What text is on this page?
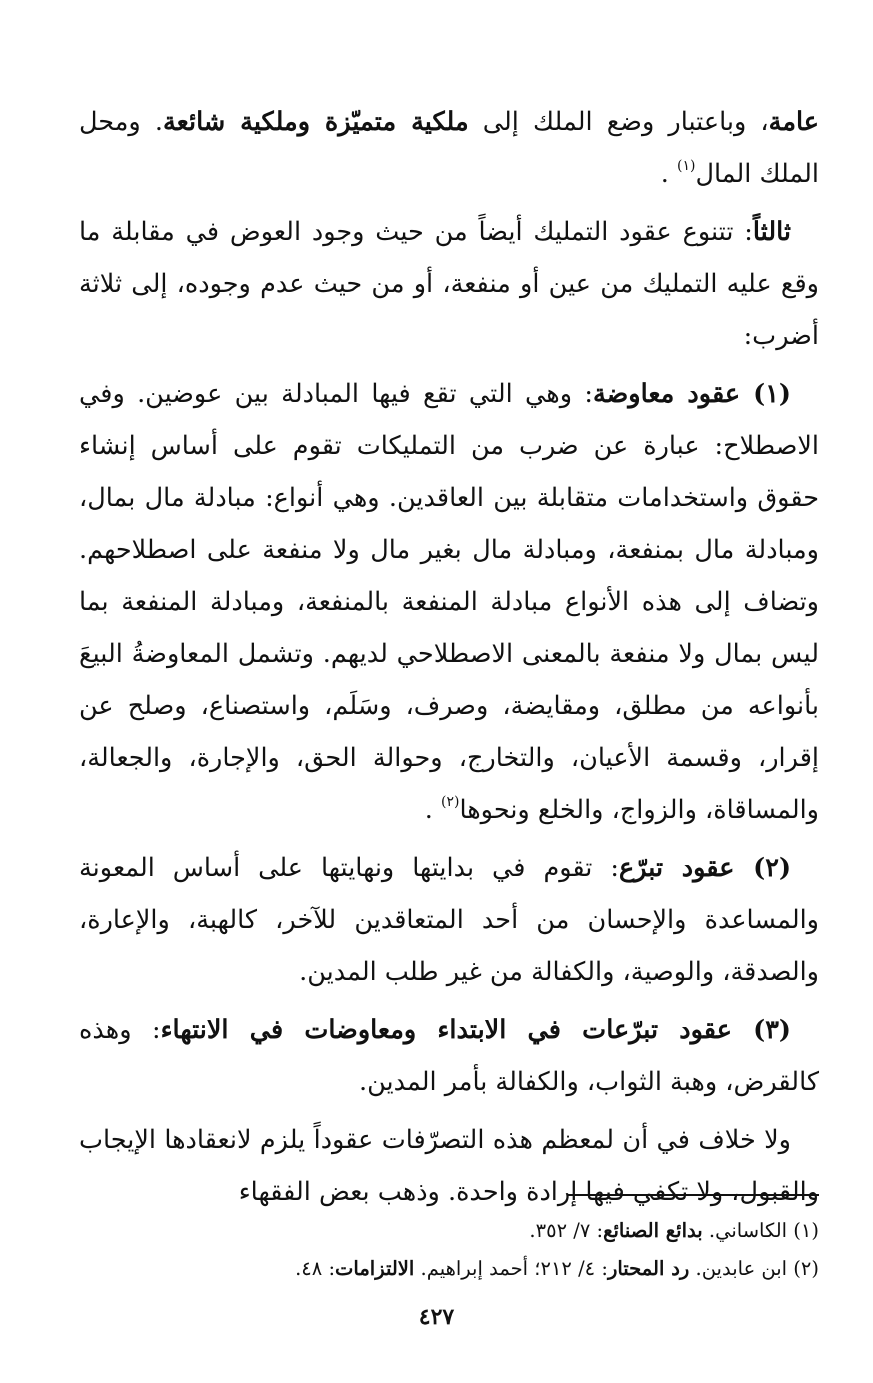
عامة، وباعتبار وضع الملك إلى ملكية متميّزة وملكية شائعة. ومحل الملك المال$^{(١)}$ .

ثالثاً: تتنوع عقود التمليك أيضاً من حيث وجود العوض في مقابلة ما وقع عليه التمليك من عين أو منفعة، أو من حيث عدم وجوده، إلى ثلاثة أضرب:

(١) عقود معاوضة: وهي التي تقع فيها المبادلة بين عوضين. وفي الاصطلاح: عبارة عن ضرب من التمليكات تقوم على أساس إنشاء حقوق واستخدامات متقابلة بين العاقدين. وهي أنواع: مبادلة مال بمال، ومبادلة مال بمنفعة، ومبادلة مال بغير مال ولا منفعة على اصطلاحهم. وتضاف إلى هذه الأنواع مبادلة المنفعة بالمنفعة، ومبادلة المنفعة بما ليس بمال ولا منفعة بالمعنى الاصطلاحي لديهم. وتشمل المعاوضةُ البيعَ بأنواعه من مطلق، ومقايضة، وصرف، وسَلَم، واستصناع، وصلح عن إقرار، وقسمة الأعيان، والتخارج، وحوالة الحق، والإجارة، والجعالة، والمساقاة، والزواج، والخلع ونحوها$^{(٢)}$ .

(٢) عقود تبرّع: تقوم في بدايتها ونهايتها على أساس المعونة والمساعدة والإحسان من أحد المتعاقدين للآخر، كالهبة، والإعارة، والصدقة، والوصية، والكفالة من غير طلب المدين.

(٣) عقود تبرّعات في الابتداء ومعاوضات في الانتهاء: وهذه كالقرض، وهبة الثواب، والكفالة بأمر المدين.

ولا خلاف في أن لمعظم هذه التصرّفات عقوداً يلزم لانعقادها الإيجاب والقبول، ولا تكفي فيها إرادة واحدة. وذهب بعض الفقهاء

(١) الكاساني. بدائع الصنائع: ٧/ ٣٥٢.

(٢) ابن عابدين. رد المحتار: ٤/ ٢١٢؛ أحمد إبراهيم. الالتزامات: ٤٨.

٤٢٧
